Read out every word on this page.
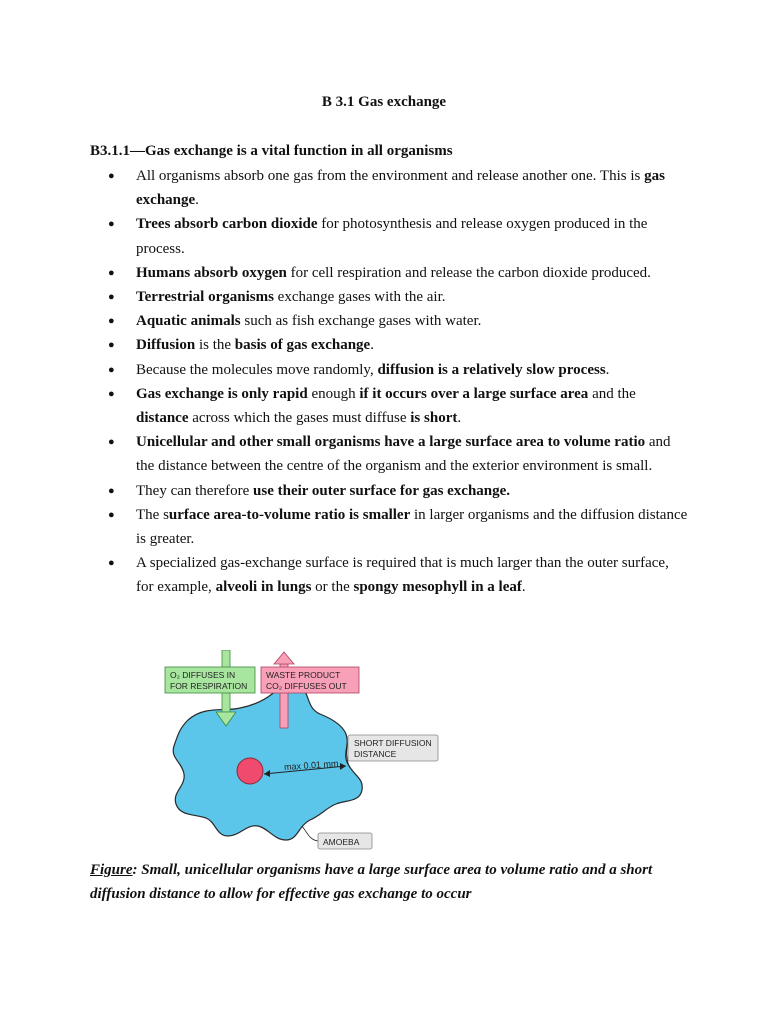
B 3.1 Gas exchange
B3.1.1—Gas exchange is a vital function in all organisms
● All organisms absorb one gas from the environment and release another one. This is gas exchange.
● Trees absorb carbon dioxide for photosynthesis and release oxygen produced in the process.
● Humans absorb oxygen for cell respiration and release the carbon dioxide produced.
● Terrestrial organisms exchange gases with the air.
● Aquatic animals such as fish exchange gases with water.
● Diffusion is the basis of gas exchange.
● Because the molecules move randomly, diffusion is a relatively slow process.
● Gas exchange is only rapid enough if it occurs over a large surface area and the distance across which the gases must diffuse is short.
● Unicellular and other small organisms have a large surface area to volume ratio and the distance between the centre of the organism and the exterior environment is small.
● They can therefore use their outer surface for gas exchange.
● The surface area-to-volume ratio is smaller in larger organisms and the diffusion distance is greater.
● A specialized gas-exchange surface is required that is much larger than the outer surface, for example, alveoli in lungs or the spongy mesophyll in a leaf.
max 0.01 mm
O₂ DIFFUSES IN
FOR RESPIRATION
WASTE PRODUCT
CO₂ DIFFUSES OUT
SHORT DIFFUSION
DISTANCE
AMOEBA
Figure: Small, unicellular organisms have a large surface area to volume ratio and a short diffusion distance to allow for effective gas exchange to occur
